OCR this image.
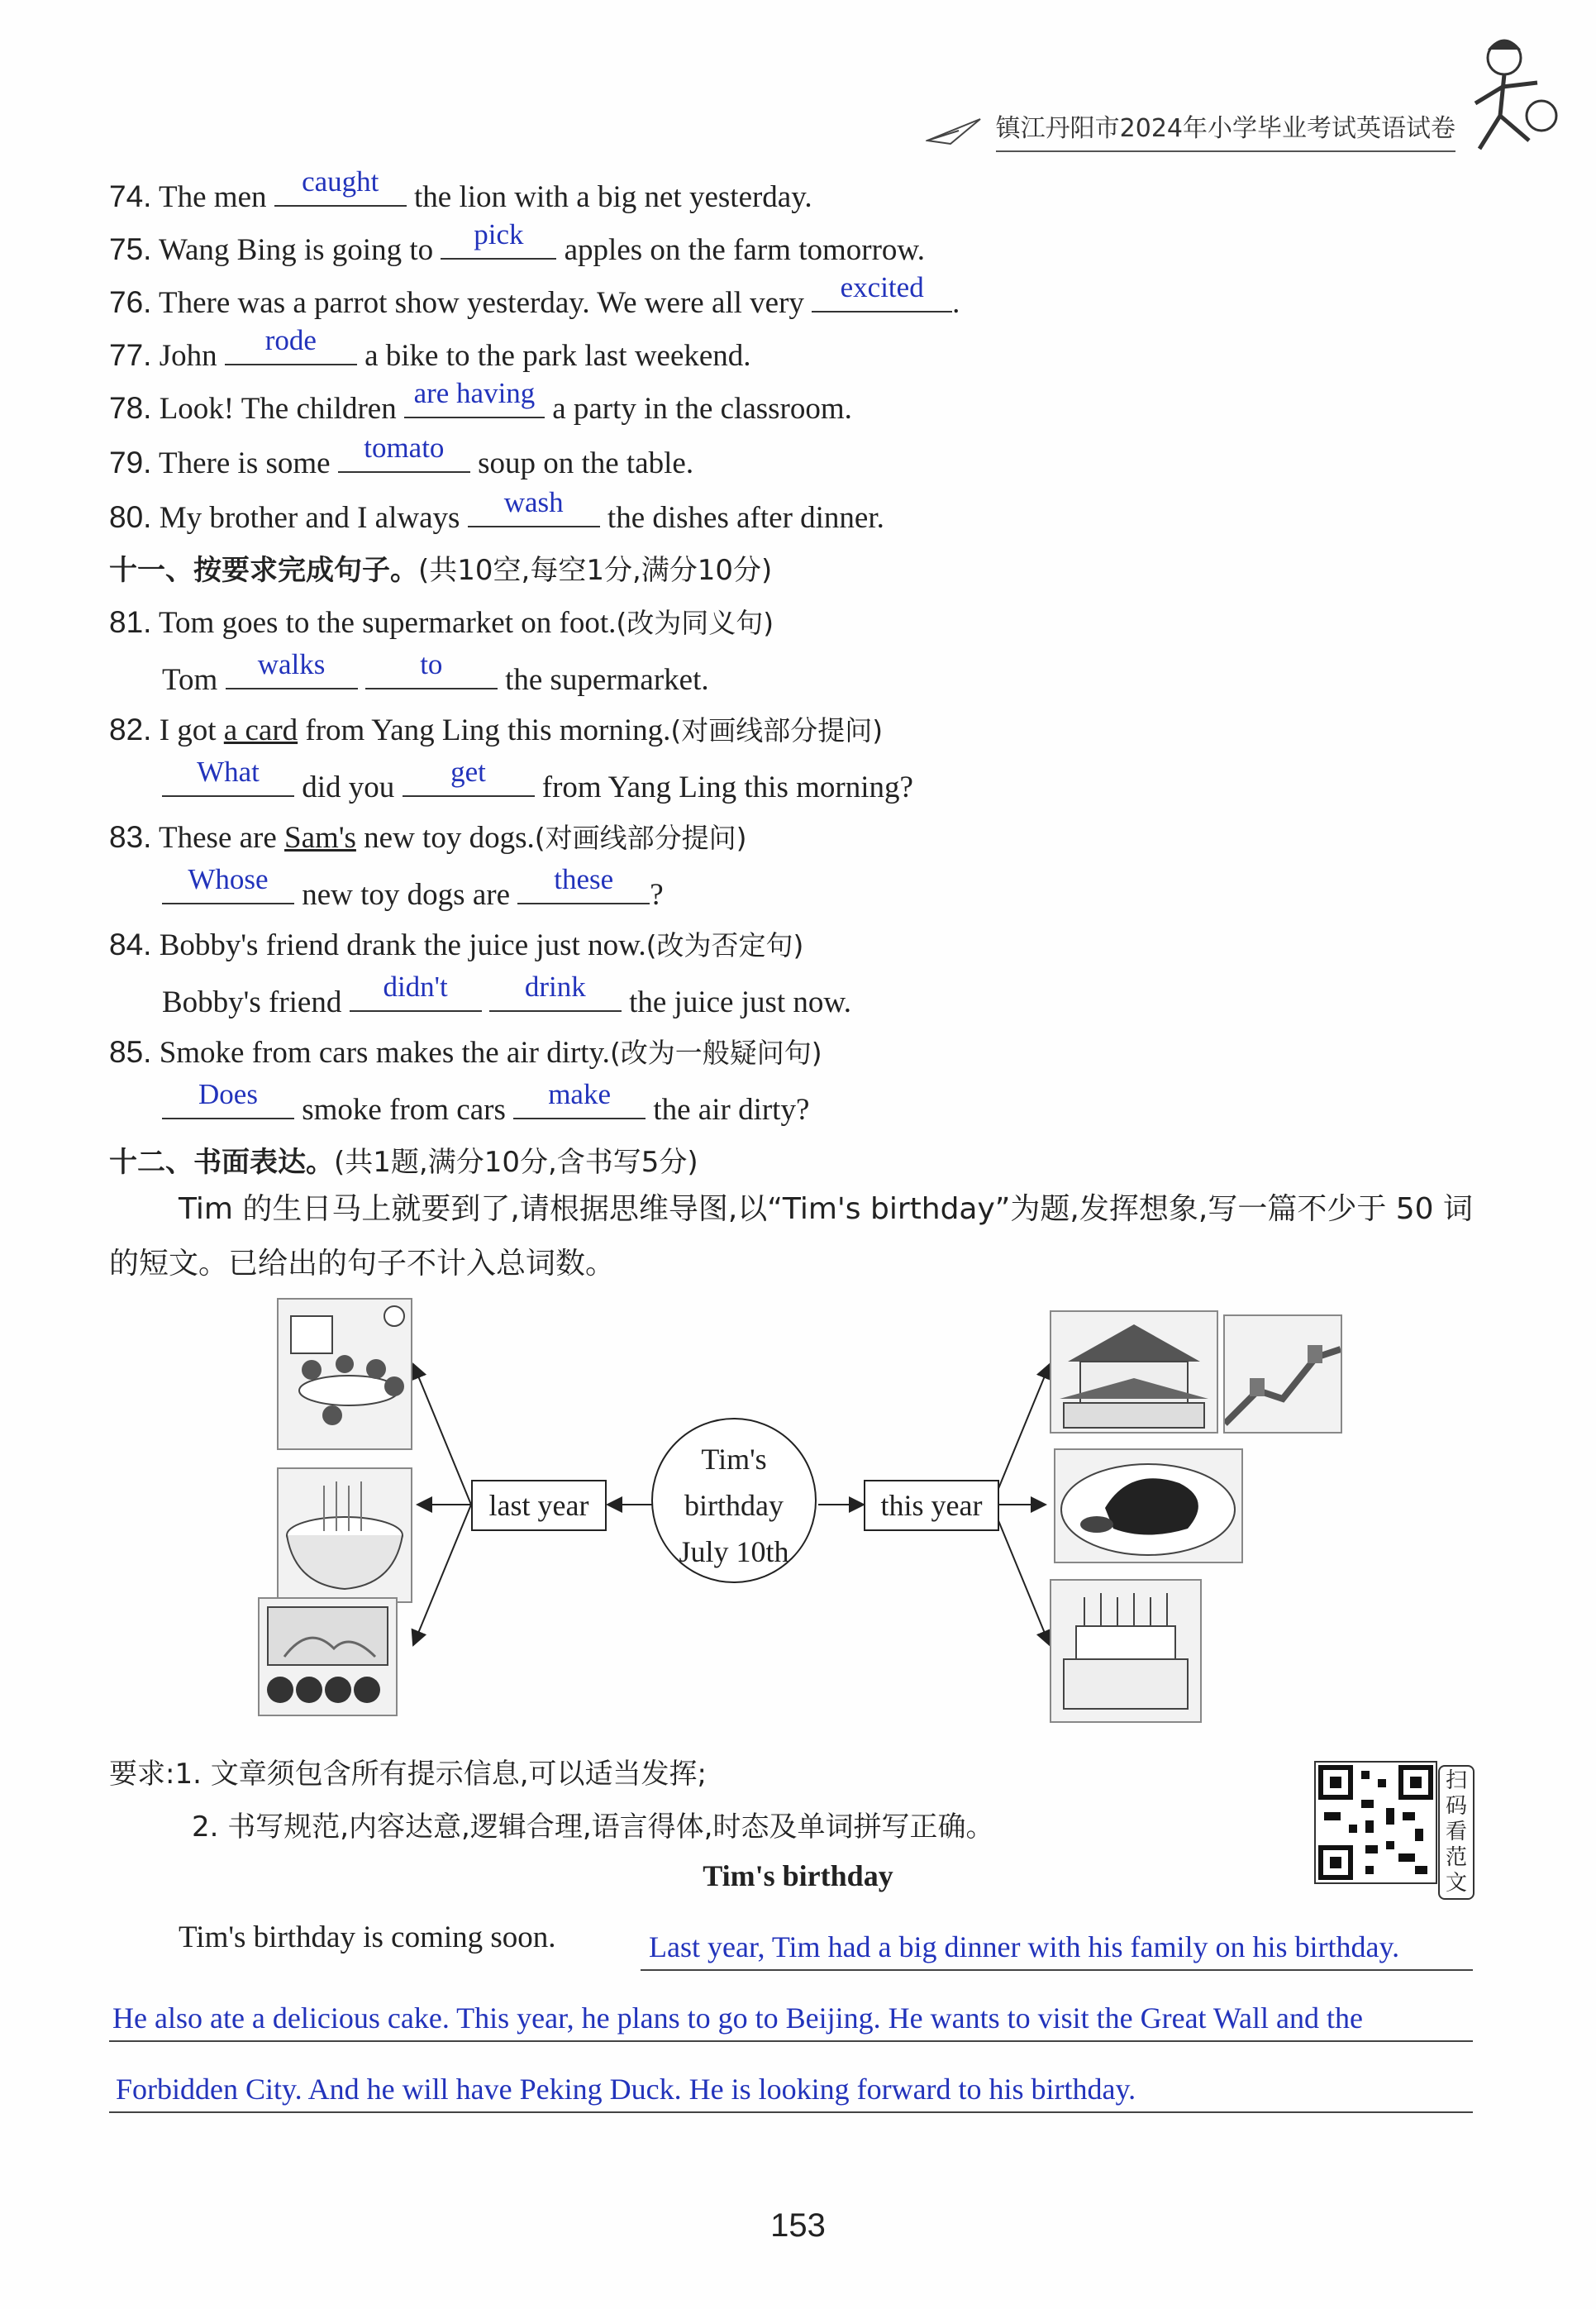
镇江丹阳市2024年小学毕业考试英语试卷
74. The men	caught	the lion with a big net yesterday.
75. Wang Bing is going to	pick	apples on the farm tomorrow.
76. There was a parrot show yesterday. We were all very	excited .
77. John	rode	a bike to the park last weekend.
78. Look! The children are having a party in the classroom.
79. There is some	tomato	soup on the table.
80. My brother and I always	wash	the dishes after dinner.
十一、按要求完成句子。(共10空,每空1分,满分10分)
81. Tom goes to the supermarket on foot.(改为同义句)
Tom	walks
	to	the supermarket.
82. I got a card from Yang Ling this morning.(对画线部分提问)
What	did you	get	from Yang Ling this morning?
83. These are Sam's new toy dogs.(对画线部分提问)
Whose	new toy dogs are	these	?
84. Bobby's friend drank the juice just now.(改为否定句)
Bobby's friend	didn't
	drink	the juice just now.
85. Smoke from cars makes the air dirty.(改为一般疑问句)
Does	smoke from cars	make	the air dirty?
十二、书面表达。(共1题,满分10分,含书写5分)
Tim 的生日马上就要到了,请根据思维导图,以“Tim's birthday”为题,发挥想象,写一篇不少于 50 词的短文。已给出的句子不计入总词数。
last year
Tim's
birthday
July 10th
this year
要求:1. 文章须包含所有提示信息,可以适当发挥;
2. 书写规范,内容达意,逻辑合理,语言得体,时态及单词拼写正确。
扫
码
看
范
文
Tim's birthday
Tim's birthday is coming soon.	Last year, Tim had a big dinner with his family on his birthday.
He also ate a delicious cake. This year, he plans to go to Beijing. He wants to visit the Great Wall and the
Forbidden City. And he will have Peking Duck. He is looking forward to his birthday.
153
